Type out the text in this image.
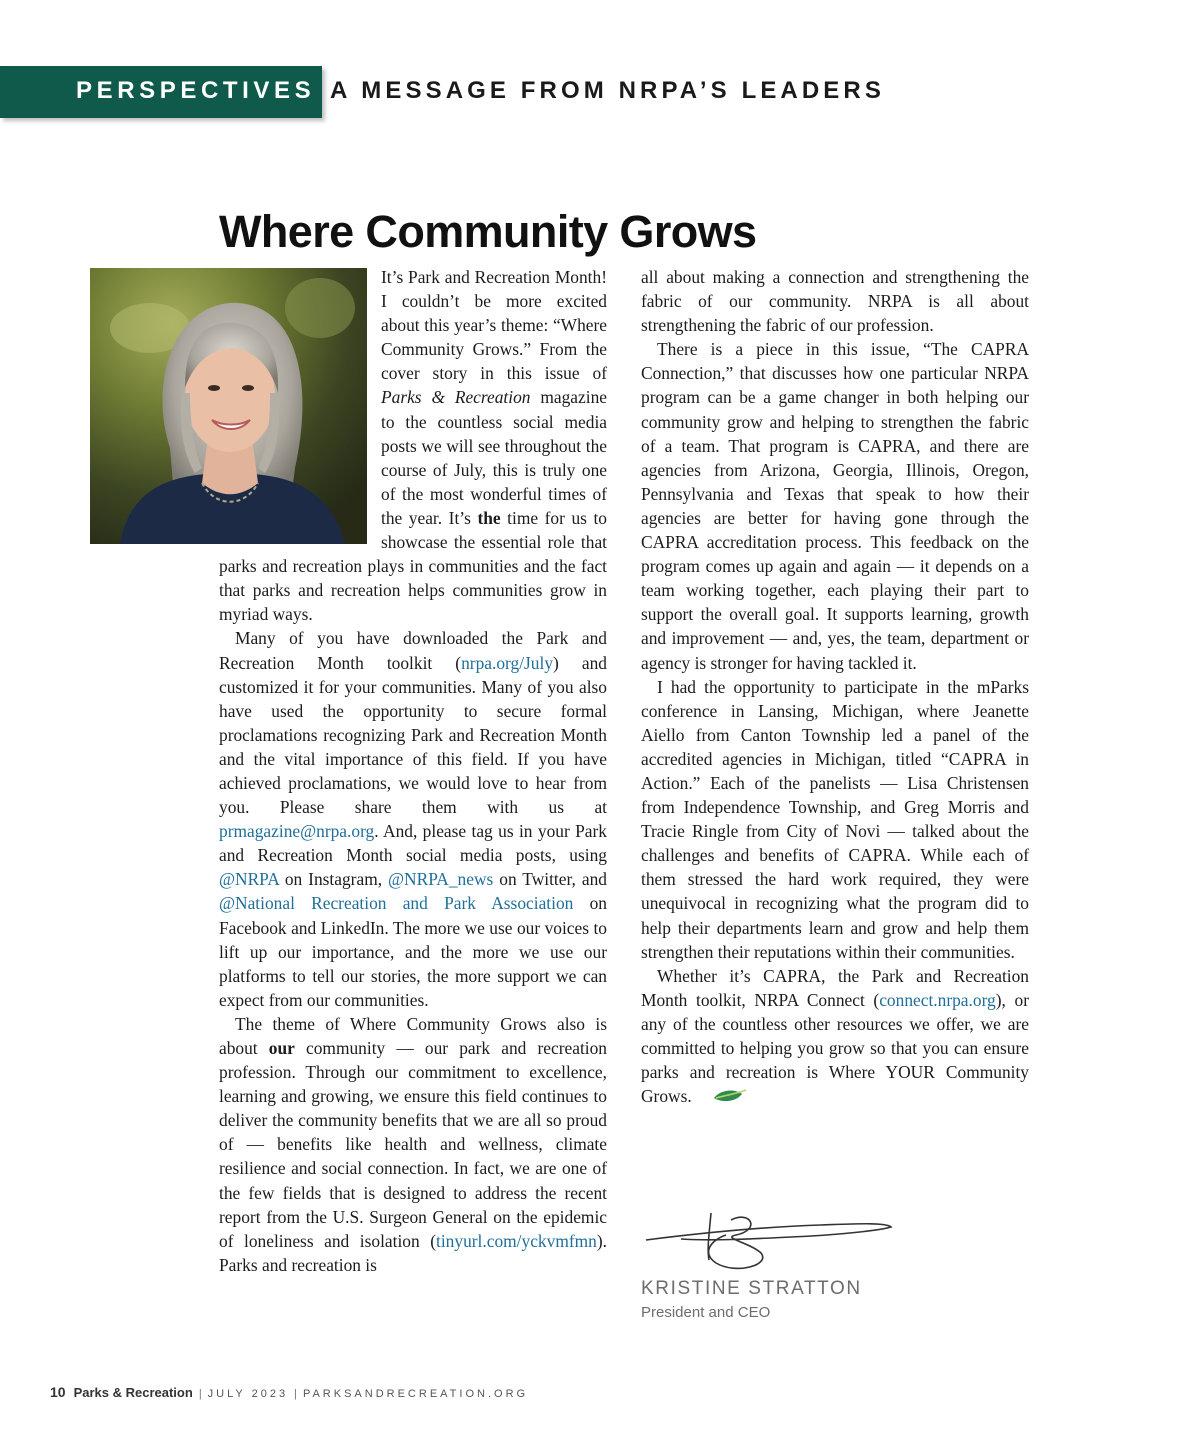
PERSPECTIVES A MESSAGE FROM NRPA’S LEADERS
Where Community Grows

It’s Park and Recreation Month! I couldn’t be more excited about this year’s theme: “Where Community Grows.” From the cover story in this issue of Parks & Recreation magazine to the countless social media posts we will see throughout the course of July, this is truly one of the most wonderful times of the year. It’s the time for us to showcase the essential role that parks and recreation plays in communities and the fact that parks and recreation helps communities grow in myriad ways.

Many of you have downloaded the Park and Recreation Month toolkit (nrpa.org/July) and customized it for your communities. Many of you also have used the opportunity to secure formal proclamations recognizing Park and Recreation Month and the vital importance of this field. If you have achieved proclamations, we would love to hear from you. Please share them with us at prmagazine@nrpa.org. And, please tag us in your Park and Recreation Month social media posts, using @NRPA on Instagram, @NRPA_news on Twitter, and @National Recreation and Park Association on Facebook and LinkedIn. The more we use our voices to lift up our importance, and the more we use our platforms to tell our stories, the more support we can expect from our communities.

The theme of Where Community Grows also is about our community — our park and recreation profession. Through our commitment to excellence, learning and growing, we ensure this field continues to deliver the community benefits that we are all so proud of — benefits like health and wellness, climate resilience and social connection. In fact, we are one of the few fields that is designed to address the recent report from the U.S. Surgeon General on the epidemic of loneliness and isolation (tinyurl.com/yckvmfmn). Parks and recreation is

all about making a connection and strengthening the fabric of our community. NRPA is all about strengthening the fabric of our profession.

There is a piece in this issue, “The CAPRA Connection,” that discusses how one particular NRPA program can be a game changer in both helping our community grow and helping to strengthen the fabric of a team. That program is CAPRA, and there are agencies from Arizona, Georgia, Illinois, Oregon, Pennsylvania and Texas that speak to how their agencies are better for having gone through the CAPRA accreditation process. This feedback on the program comes up again and again — it depends on a team working together, each playing their part to support the overall goal. It supports learning, growth and improvement — and, yes, the team, department or agency is stronger for having tackled it.

I had the opportunity to participate in the mParks conference in Lansing, Michigan, where Jeanette Aiello from Canton Township led a panel of the accredited agencies in Michigan, titled “CAPRA in Action.” Each of the panelists — Lisa Christensen from Independence Township, and Greg Morris and Tracie Ringle from City of Novi — talked about the challenges and benefits of CAPRA. While each of them stressed the hard work required, they were unequivocal in recognizing what the program did to help their departments learn and grow and help them strengthen their reputations within their communities.

Whether it’s CAPRA, the Park and Recreation Month toolkit, NRPA Connect (connect.nrpa.org), or any of the countless other resources we offer, we are committed to helping you grow so that you can ensure parks and recreation is Where YOUR Community Grows.

KRISTINE STRATTON
President and CEO
10 Parks & Recreation | JULY 2023 | PARKSANDRECREATION.ORG
